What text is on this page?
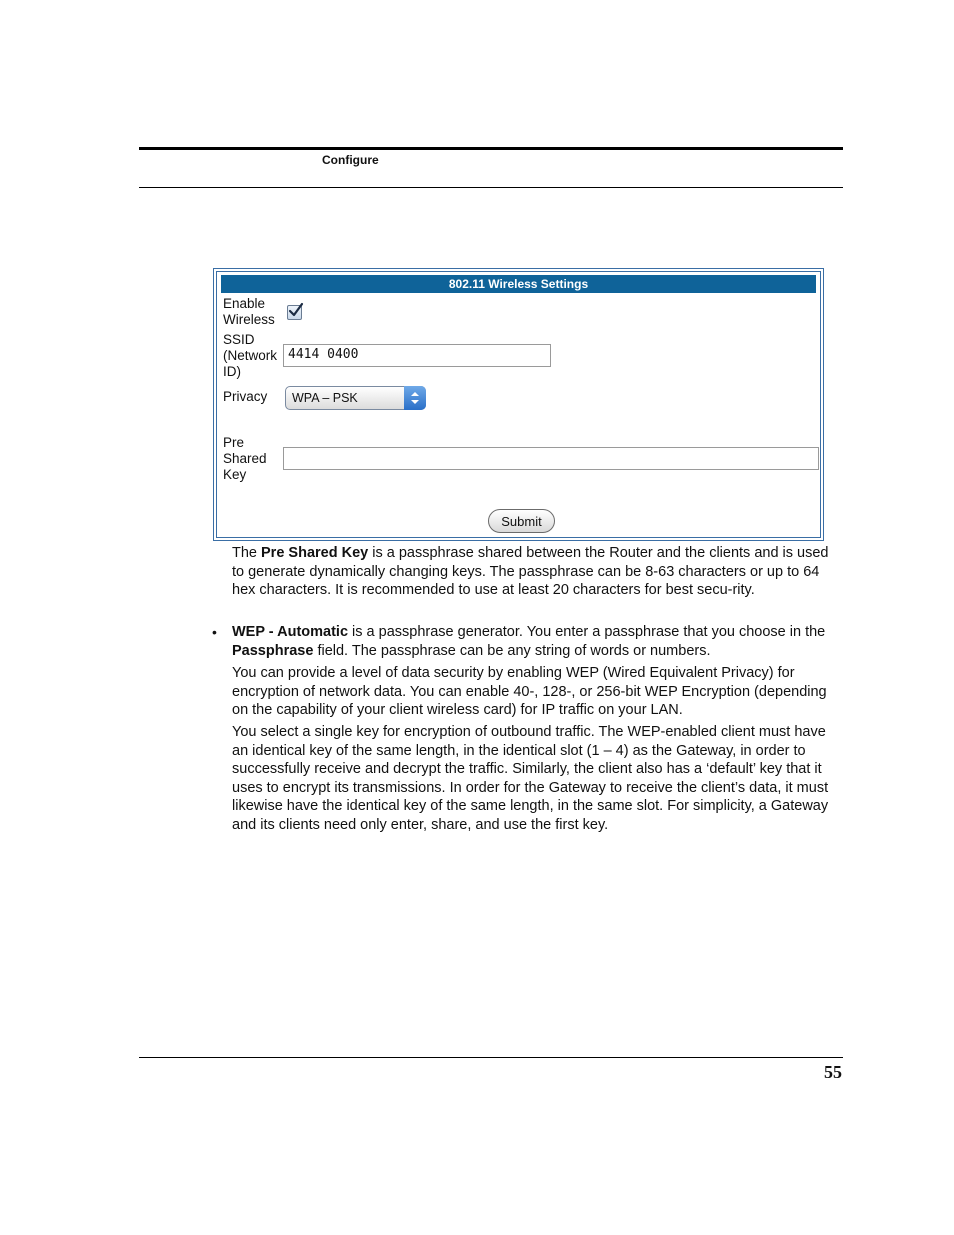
Configure
802.11 Wireless Settings
Enable
Wireless
SSID
(Network
ID)
4414 0400
Privacy	WPA – PSK
Pre
Shared
Key
Submit
The Pre Shared Key is a passphrase shared between the Router and the clients and is used to generate dynamically changing keys. The passphrase can be 8-63 characters or up to 64 hex characters. It is recommended to use at least 20 characters for best secu-rity.
• WEP - Automatic is a passphrase generator. You enter a passphrase that you choose in the Passphrase field. The passphrase can be any string of words or numbers.
You can provide a level of data security by enabling WEP (Wired Equivalent Privacy) for encryption of network data. You can enable 40-, 128-, or 256-bit WEP Encryption (depending on the capability of your client wireless card) for IP traffic on your LAN.
You select a single key for encryption of outbound traffic. The WEP-enabled client must have an identical key of the same length, in the identical slot (1 – 4) as the Gateway, in order to successfully receive and decrypt the traffic. Similarly, the client also has a ‘default’ key that it uses to encrypt its transmissions. In order for the Gateway to receive the client’s data, it must likewise have the identical key of the same length, in the same slot. For simplicity, a Gateway and its clients need only enter, share, and use the first key.
55
